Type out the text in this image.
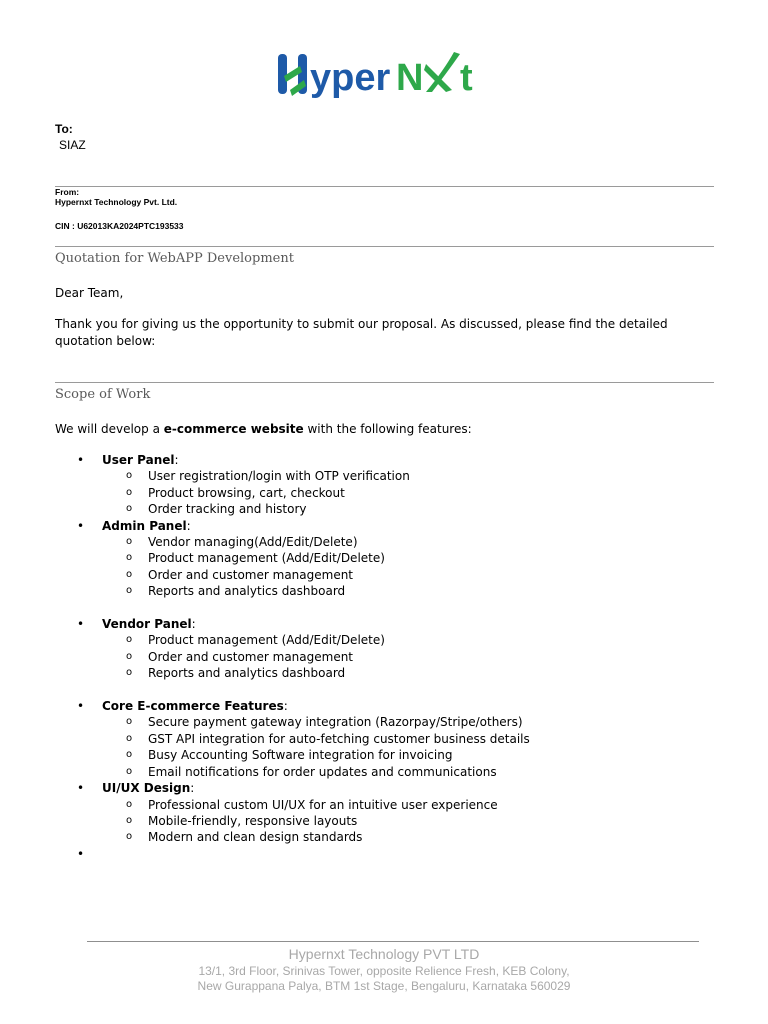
yper N t
To:
SIAZ
From:
Hypernxt Technology Pvt. Ltd.
CIN : U62013KA2024PTC193533
Quotation for WebAPP Development
Dear Team,
Thank you for giving us the opportunity to submit our proposal. As discussed, please find the detailed quotation below:
Scope of Work
We will develop a e-commerce website with the following features:
• User Panel:
o User registration/login with OTP verification
o Product browsing, cart, checkout
o Order tracking and history
• Admin Panel:
o Vendor managing(Add/Edit/Delete)
o Product management (Add/Edit/Delete)
o Order and customer management
o Reports and analytics dashboard
• Vendor Panel:
o Product management (Add/Edit/Delete)
o Order and customer management
o Reports and analytics dashboard
• Core E-commerce Features:
o Secure payment gateway integration (Razorpay/Stripe/others)
o GST API integration for auto-fetching customer business details
o Busy Accounting Software integration for invoicing
o Email notifications for order updates and communications
• UI/UX Design:
o Professional custom UI/UX for an intuitive user experience
o Mobile-friendly, responsive layouts
o Modern and clean design standards
•
Hypernxt Technology PVT LTD
13/1, 3rd Floor, Srinivas Tower, opposite Relience Fresh, KEB Colony,
New Gurappana Palya, BTM 1st Stage, Bengaluru, Karnataka 560029
